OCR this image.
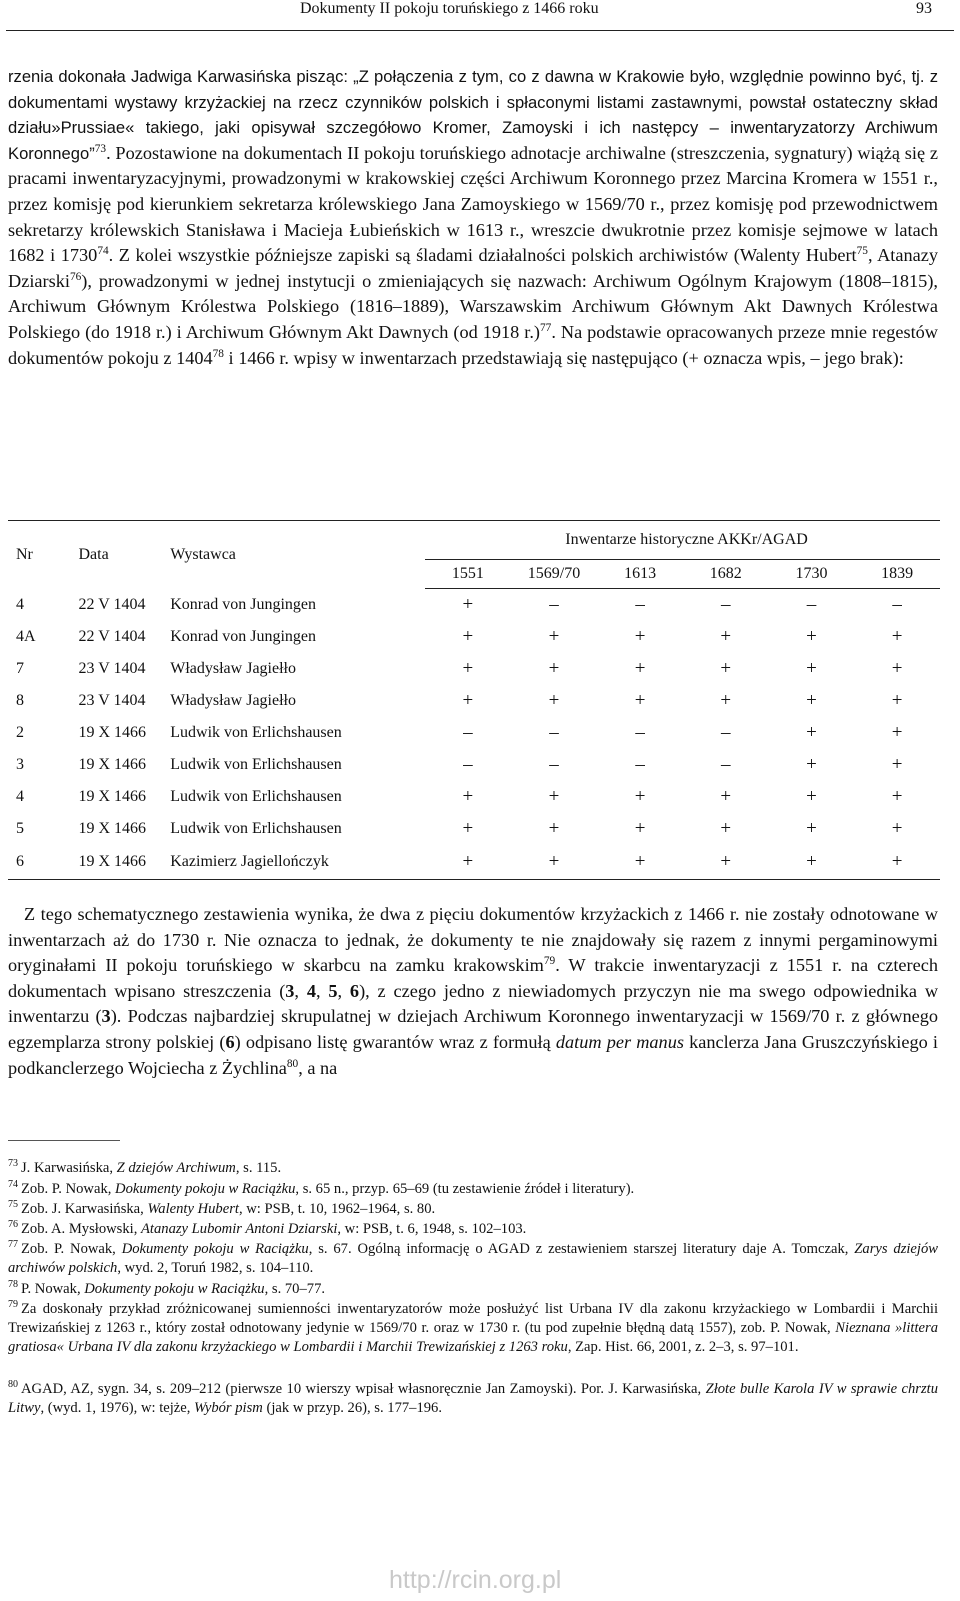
Dokumenty II pokoju toruńskiego z 1466 roku	93
rzenia dokonała Jadwiga Karwasińska pisząc: „Z połączenia z tym, co z dawna w Krakowie było, względnie powinno być, tj. z dokumentami wystawy krzyżackiej na rzecz czynników polskich i spłaconymi listami zastawnymi, powstał ostateczny skład działu»Prussiae« takiego, jaki opisywał szczegółowo Kromer, Zamoyski i ich następcy – inwentaryzatorzy Archiwum Koronnego”$^{73}$. Pozostawione na dokumentach II pokoju toruńskiego adnotacje archiwalne (streszczenia, sygnatury) wiążą się z pracami inwentaryzacyjnymi, prowadzonymi w krakowskiej części Archiwum Koronnego przez Marcina Kromera w 1551 r., przez komisję pod kierunkiem sekretarza królewskiego Jana Zamoyskiego w 1569/70 r., przez komisję pod przewodnictwem sekretarzy królewskich Stanisława i Macieja Łubieńskich w 1613 r., wreszcie dwukrotnie przez komisje sejmowe w latach 1682 i 1730$^{74}$. Z kolei wszystkie późniejsze zapiski są śladami działalności polskich archiwistów (Walenty Hubert$^{75}$, Atanazy Dziarski$^{76}$), prowadzonymi w jednej instytucji o zmieniających się nazwach: Archiwum Ogólnym Krajowym (1808–1815), Archiwum Głównym Królestwa Polskiego (1816–1889), Warszawskim Archiwum Głównym Akt Dawnych Królestwa Polskiego (do 1918 r.) i Archiwum Głównym Akt Dawnych (od 1918 r.)$^{77}$. Na podstawie opracowanych przeze mnie regestów dokumentów pokoju z 1404$^{78}$ i 1466 r. wpisy w inwentarzach przedstawiają się następująco (+ oznacza wpis, – jego brak):
Nr	Data	Wystawca	Inwentarze historyczne AKKr/AGAD					
			1551	1569/70	1613	1682	1730	1839
4	22 V 1404	Konrad von Jungingen	+	–	–	–	–	–
4A	22 V 1404	Konrad von Jungingen	+	+	+	+	+	+
7	23 V 1404	Władysław Jagiełło	+	+	+	+	+	+
8	23 V 1404	Władysław Jagiełło	+	+	+	+	+	+
2	19 X 1466	Ludwik von Erlichshausen	–	–	–	–	+	+
3	19 X 1466	Ludwik von Erlichshausen	–	–	–	–	+	+
4	19 X 1466	Ludwik von Erlichshausen	+	+	+	+	+	+
5	19 X 1466	Ludwik von Erlichshausen	+	+	+	+	+	+
6	19 X 1466	Kazimierz Jagiellończyk	+	+	+	+	+	+
Z tego schematycznego zestawienia wynika, że dwa z pięciu dokumentów krzyżackich z 1466 r. nie zostały odnotowane w inwentarzach aż do 1730 r. Nie oznacza to jednak, że dokumenty te nie znajdowały się razem z innymi pergaminowymi oryginałami II pokoju toruńskiego w skarbcu na zamku krakowskim$^{79}$. W trakcie inwentaryzacji z 1551 r. na czterech dokumentach wpisano streszczenia (3, 4, 5, 6), z czego jedno z niewiadomych przyczyn nie ma swego odpowiednika w inwentarzu (3). Podczas najbardziej skrupulatnej w dziejach Archiwum Koronnego inwentaryzacji w 1569/70 r. z głównego egzemplarza strony polskiej (6) odpisano listę gwarantów wraz z formułą datum per manus kanclerza Jana Gruszczyńskiego i podkanclerzego Wojciecha z Żychlina$^{80}$, a na
$^{73}$ J. Karwasińska, Z dziejów Archiwum, s. 115.
$^{74}$ Zob. P. Nowak, Dokumenty pokoju w Raciążku, s. 65 n., przyp. 65–69 (tu zestawienie źródeł i literatury).
$^{75}$ Zob. J. Karwasińska, Walenty Hubert, w: PSB, t. 10, 1962–1964, s. 80.
$^{76}$ Zob. A. Mysłowski, Atanazy Lubomir Antoni Dziarski, w: PSB, t. 6, 1948, s. 102–103.
$^{77}$ Zob. P. Nowak, Dokumenty pokoju w Raciążku, s. 67. Ogólną informację o AGAD z zestawieniem starszej literatury daje A. Tomczak, Zarys dziejów archiwów polskich, wyd. 2, Toruń 1982, s. 104–110.
$^{78}$ P. Nowak, Dokumenty pokoju w Raciążku, s. 70–77.
$^{79}$ Za doskonały przykład zróżnicowanej sumienności inwentaryzatorów może posłużyć list Urbana IV dla zakonu krzyżackiego w Lombardii i Marchii Trewizańskiej z 1263 r., który został odnotowany jedynie w 1569/70 r. oraz w 1730 r. (tu pod zupełnie błędną datą 1557), zob. P. Nowak, Nieznana »littera gratiosa« Urbana IV dla zakonu krzyżackiego w Lombardii i Marchii Trewizańskiej z 1263 roku, Zap. Hist. 66, 2001, z. 2–3, s. 97–101.
$^{80}$ AGAD, AZ, sygn. 34, s. 209–212 (pierwsze 10 wierszy wpisał własnoręcznie Jan Zamoyski). Por. J. Karwasińska, Złote bulle Karola IV w sprawie chrztu Litwy, (wyd. 1, 1976), w: tejże, Wybór pism (jak w przyp. 26), s. 177–196.
http://rcin.org.pl
